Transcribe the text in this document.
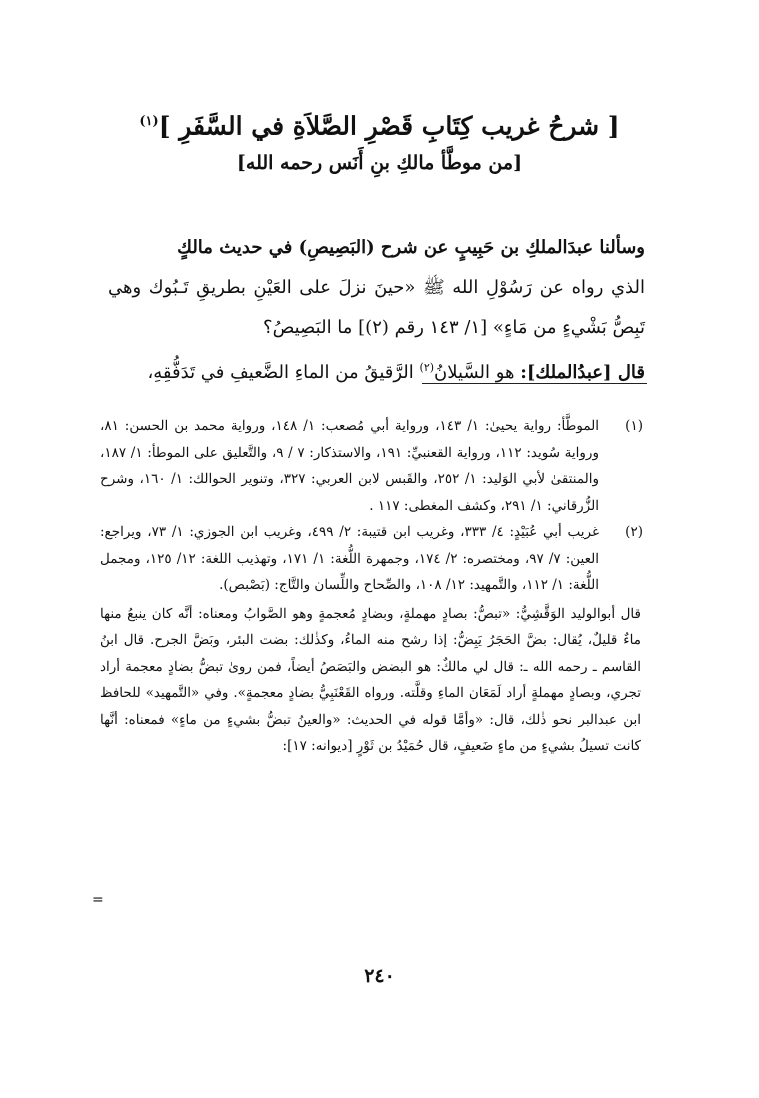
[ شرحُ غريب كِتَابِ قَصْرِ الصَّلاَةِ في السَّفَرِ ]$^{(١)}$
[من موطَّأ مالكِ بنِ أَنَس رحمه الله]

وسألنا عبدَالملكِ بن حَبِيبٍ عن شرح (البَصِيصِ) في حديث مالكٍ
الذي رواه عن رَسُوْلِ الله ﷺ «حينَ نزلَ على العَيْنِ بطريقِ تَـبُوك وهي تَبِصُّ بَشْيءٍ من مَاءٍ» [١/ ١٤٣ رقم (٢)] ما البَصِيصُ؟

قال [عبدُالملك]: هو السَّيلانُ$^{(٢)}$ الرَّقيقُ من الماءِ الضَّعيفِ في تَدَفُّقِهِ،

(١)
الموطَّأ: رواية يحيىٰ: ١/ ١٤٣، ورواية أبي مُصعب: ١/ ١٤٨، ورواية محمد بن الحسن: ٨١، ورواية سُويد: ١١٢، ورواية القعنبيِّ: ١٩١، والاستذكار: ٧ / ٩، والتَّعليق على الموطأ: ١/ ١٨٧، والمنتقىٰ لأبي الوَليد: ١/ ٢٥٢، والقَبس لابن العربي: ٣٢٧، وتنوير الحوالك: ١/ ١٦٠، وشرح الزُّرقاني: ١/ ٢٩١، وكشف المغطى: ١١٧ .

(٢)
غريب أبي عُبَيْدٍ: ٤/ ٣٣٣، وغريب ابن قتيبة: ٢/ ٤٩٩، وغريب ابن الجوزي: ١/ ٧٣، ويراجع: العين: ٧/ ٩٧، ومختصره: ٢/ ١٧٤، وجمهرة اللُّغة: ١/ ١٧١، وتهذيب اللغة: ١٢/ ١٢٥، ومجمل اللُّغة: ١/ ١١٢، والتَّمهيد: ١٢/ ١٠٨، والصِّحاح واللِّسان والتَّاج: (بَصْبص).

قال أبوالوليد الوَقَّشِيُّ: «تبصُّ: بصادٍ مهملةٍ، وبضادٍ مُعجمةٍ وهو الصَّوابُ ومعناه: أنَّه كان ينبعُ منها ماءٌ قليلٌ، يُقال: بضَّ الحَجَرُ يَبِضُّ: إذا رشح منه الماءُ، وكذٰلك: بضت البئر، وبَضَّ الجرح. قال ابنُ القاسم ـ رحمه الله ـ: قال لي مالكٌ: هو البضض والبَصَصُ أيضاً، فمن روىٰ تبضُّ بضادٍ معجمة أراد تجري، وبصادٍ مهملةٍ أراد لَمَعَان الماءِ وقلَّته. ورواه القَعْنَبِيُّ بضادٍ معجمةٍ». وفي «التَّمهيد» للحافظ ابن عبدالبر نحو ذٰلك، قال: «وأمَّا قوله في الحديث: «والعينُ تبضُّ بشيءٍ من ماءٍ» فمعناه: أنَّها كانت تسيلُ بشيءٍ من ماءٍ ضَعيفٍ، قال حُمَيْدُ بن ثَوْرٍ [ديوانه: ١٧]:

=
٢٤٠
